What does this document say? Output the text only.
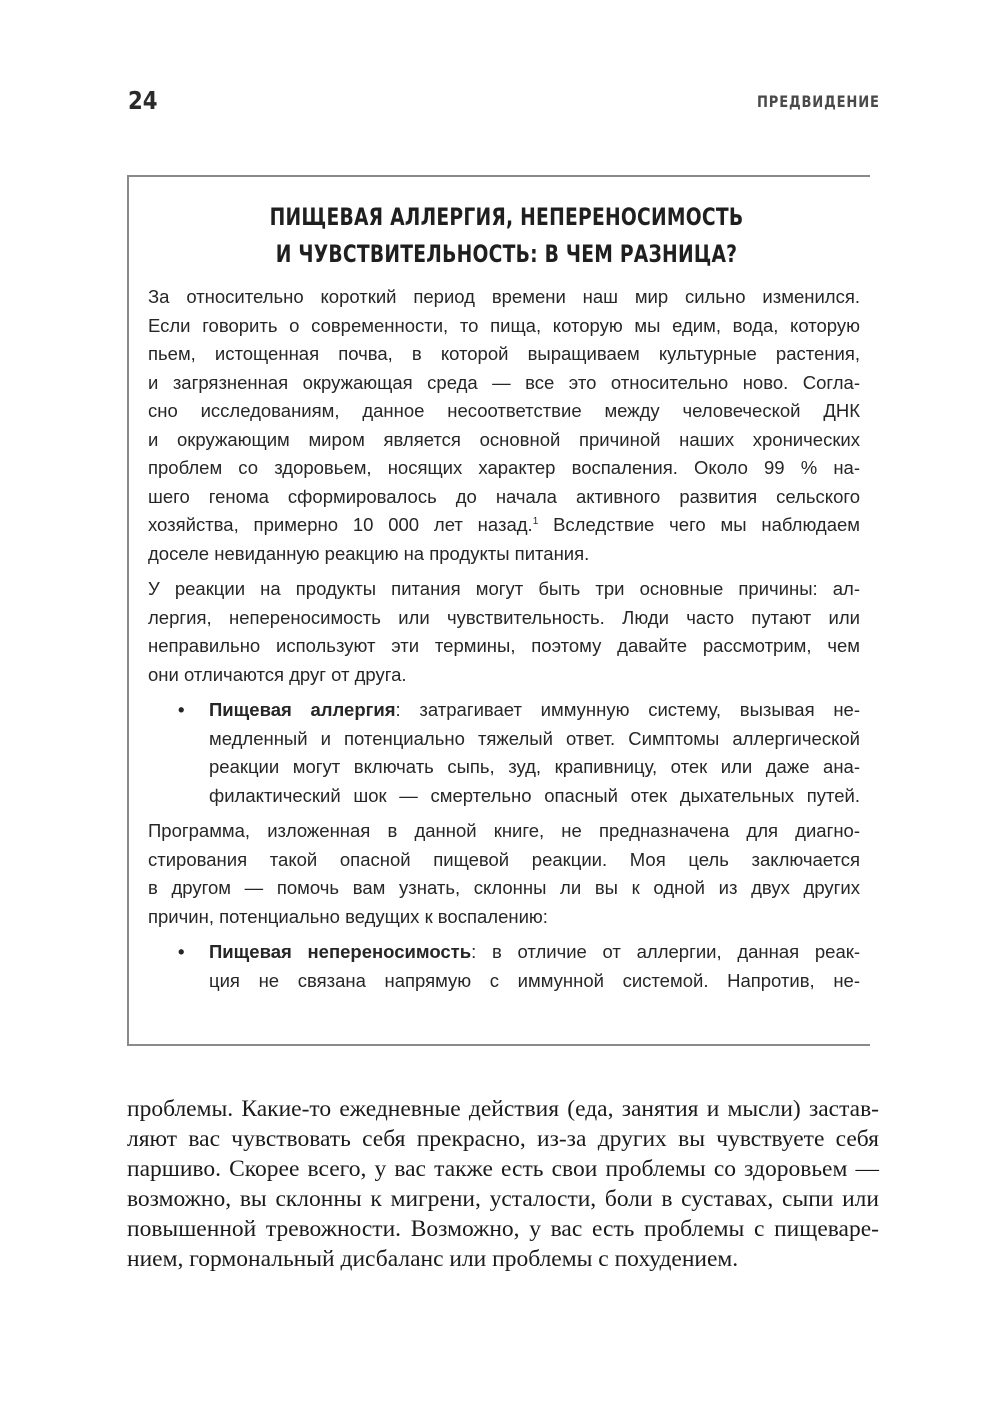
24	ПРЕДВИДЕНИЕ
ПИЩЕВАЯ АЛЛЕРГИЯ, НЕПЕРЕНОСИМОСТЬ
И ЧУВСТВИТЕЛЬНОСТЬ: В ЧЕМ РАЗНИЦА?

За относительно короткий период времени наш мир сильно изменился.
Если говорить о современности, то пища, которую мы едим, вода, которую
пьем, истощенная почва, в которой выращиваем культурные растения,
и загрязненная окружающая среда — все это относительно ново. Согла-
сно исследованиям, данное несоответствие между человеческой ДНК
и окружающим миром является основной причиной наших хронических
проблем со здоровьем, носящих характер воспаления. Около 99 % на-
шего генома сформировалось до начала активного развития сельского
хозяйства, примерно 10 000 лет назад.$^1$ Вследствие чего мы наблюдаем
доселе невиданную реакцию на продукты питания.

У реакции на продукты питания могут быть три основные причины: ал-
лергия, непереносимость или чувствительность. Люди часто путают или
неправильно используют эти термины, поэтому давайте рассмотрим, чем
они отличаются друг от друга.

• Пищевая аллергия: затрагивает иммунную систему, вызывая не-
медленный и потенциально тяжелый ответ. Симптомы аллергической
реакции могут включать сыпь, зуд, крапивницу, отек или даже ана-
филактический шок — смертельно опасный отек дыхательных путей.

Программа, изложенная в данной книге, не предназначена для диагно-
стирования такой опасной пищевой реакции. Моя цель заключается
в другом — помочь вам узнать, склонны ли вы к одной из двух других
причин, потенциально ведущих к воспалению:

• Пищевая непереносимость: в отличие от аллергии, данная реак-
ция не связана напрямую с иммунной системой. Напротив, не-
проблемы. Какие-то ежедневные действия (еда, занятия и мысли) застав-
ляют вас чувствовать себя прекрасно, из-за других вы чувствуете себя
паршиво. Скорее всего, у вас также есть свои проблемы со здоровьем —
возможно, вы склонны к мигрени, усталости, боли в суставах, сыпи или
повышенной тревожности. Возможно, у вас есть проблемы с пищеваре-
нием, гормональный дисбаланс или проблемы с похудением.
